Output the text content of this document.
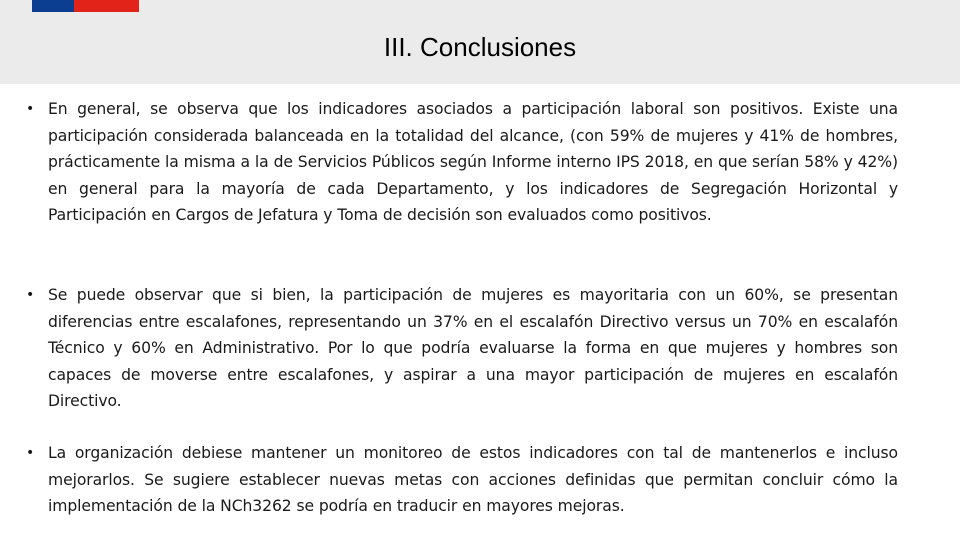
III. Conclusiones
• En general, se observa que los indicadores asociados a participación laboral son positivos. Existe una participación considerada balanceada en la totalidad del alcance, (con 59% de mujeres y 41% de hombres, prácticamente la misma a la de Servicios Públicos según Informe interno IPS 2018, en que serían 58% y 42%) en general para la mayoría de cada Departamento, y los indicadores de Segregación Horizontal y Participación en Cargos de Jefatura y Toma de decisión son evaluados como positivos.

• Se puede observar que si bien, la participación de mujeres es mayoritaria con un 60%, se presentan diferencias entre escalafones, representando un 37% en el escalafón Directivo versus un 70% en escalafón Técnico y 60% en Administrativo. Por lo que podría evaluarse la forma en que mujeres y hombres son capaces de moverse entre escalafones, y aspirar a una mayor participación de mujeres en escalafón Directivo.

• La organización debiese mantener un monitoreo de estos indicadores con tal de mantenerlos e incluso mejorarlos. Se sugiere establecer nuevas metas con acciones definidas que permitan concluir cómo la implementación de la NCh3262 se podría en traducir en mayores mejoras.
